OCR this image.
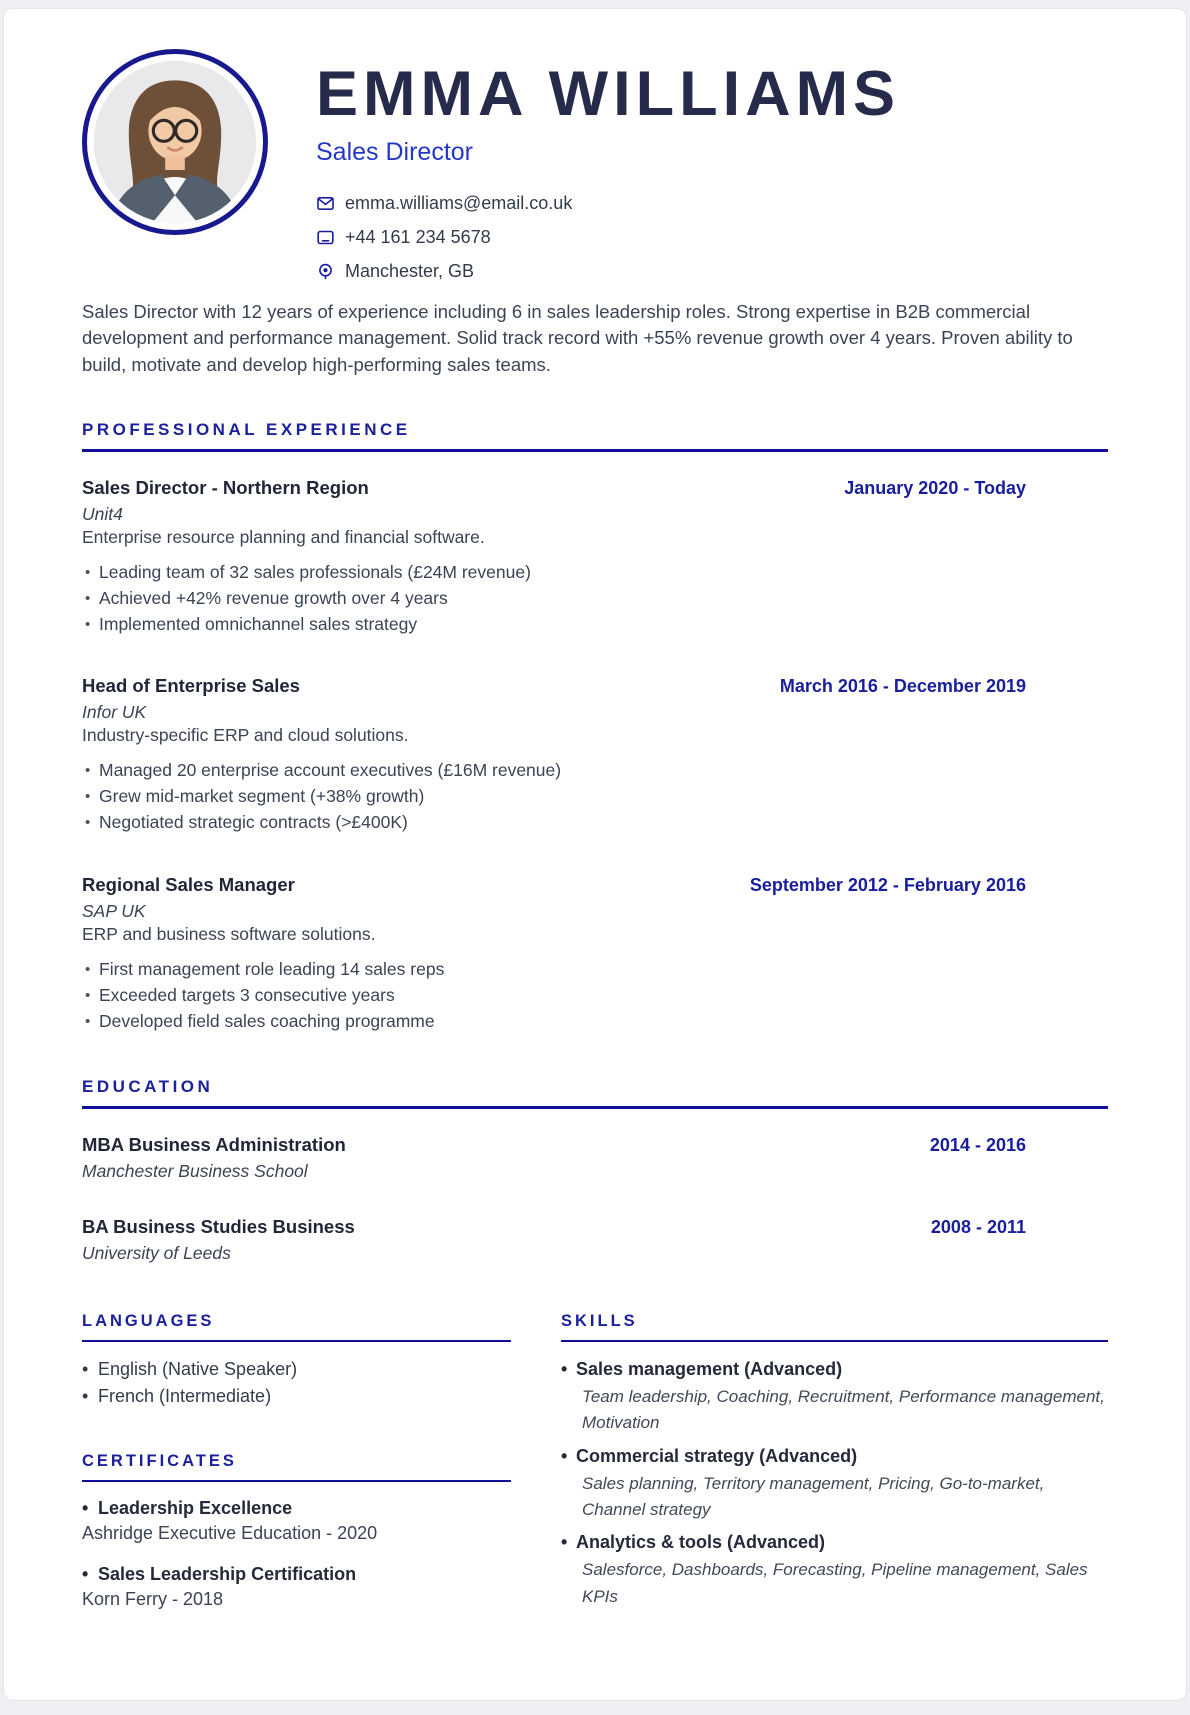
EMMA WILLIAMS
Sales Director
emma.williams@email.co.uk
+44 161 234 5678
Manchester, GB

Sales Director with 12 years of experience including 6 in sales leadership roles. Strong expertise in B2B commercial development and performance management. Solid track record with +55% revenue growth over 4 years. Proven ability to build, motivate and develop high-performing sales teams.

PROFESSIONAL EXPERIENCE
Sales Director - Northern Region	January 2020 - Today
Unit4
Enterprise resource planning and financial software.
• Leading team of 32 sales professionals (£24M revenue)
• Achieved +42% revenue growth over 4 years
• Implemented omnichannel sales strategy
Head of Enterprise Sales	March 2016 - December 2019
Infor UK
Industry-specific ERP and cloud solutions.
• Managed 20 enterprise account executives (£16M revenue)
• Grew mid-market segment (+38% growth)
• Negotiated strategic contracts (>£400K)
Regional Sales Manager	September 2012 - February 2016
SAP UK
ERP and business software solutions.
• First management role leading 14 sales reps
• Exceeded targets 3 consecutive years
• Developed field sales coaching programme
EDUCATION
MBA Business Administration	2014 - 2016
Manchester Business School
BA Business Studies Business	2008 - 2011
University of Leeds
LANGUAGES
• English (Native Speaker)
• French (Intermediate)
CERTIFICATES
• Leadership Excellence
Ashridge Executive Education - 2020
• Sales Leadership Certification
Korn Ferry - 2018
SKILLS
• Sales management (Advanced)
Team leadership, Coaching, Recruitment, Performance management, Motivation
• Commercial strategy (Advanced)
Sales planning, Territory management, Pricing, Go-to-market, Channel strategy
• Analytics & tools (Advanced)
Salesforce, Dashboards, Forecasting, Pipeline management, Sales KPIs
